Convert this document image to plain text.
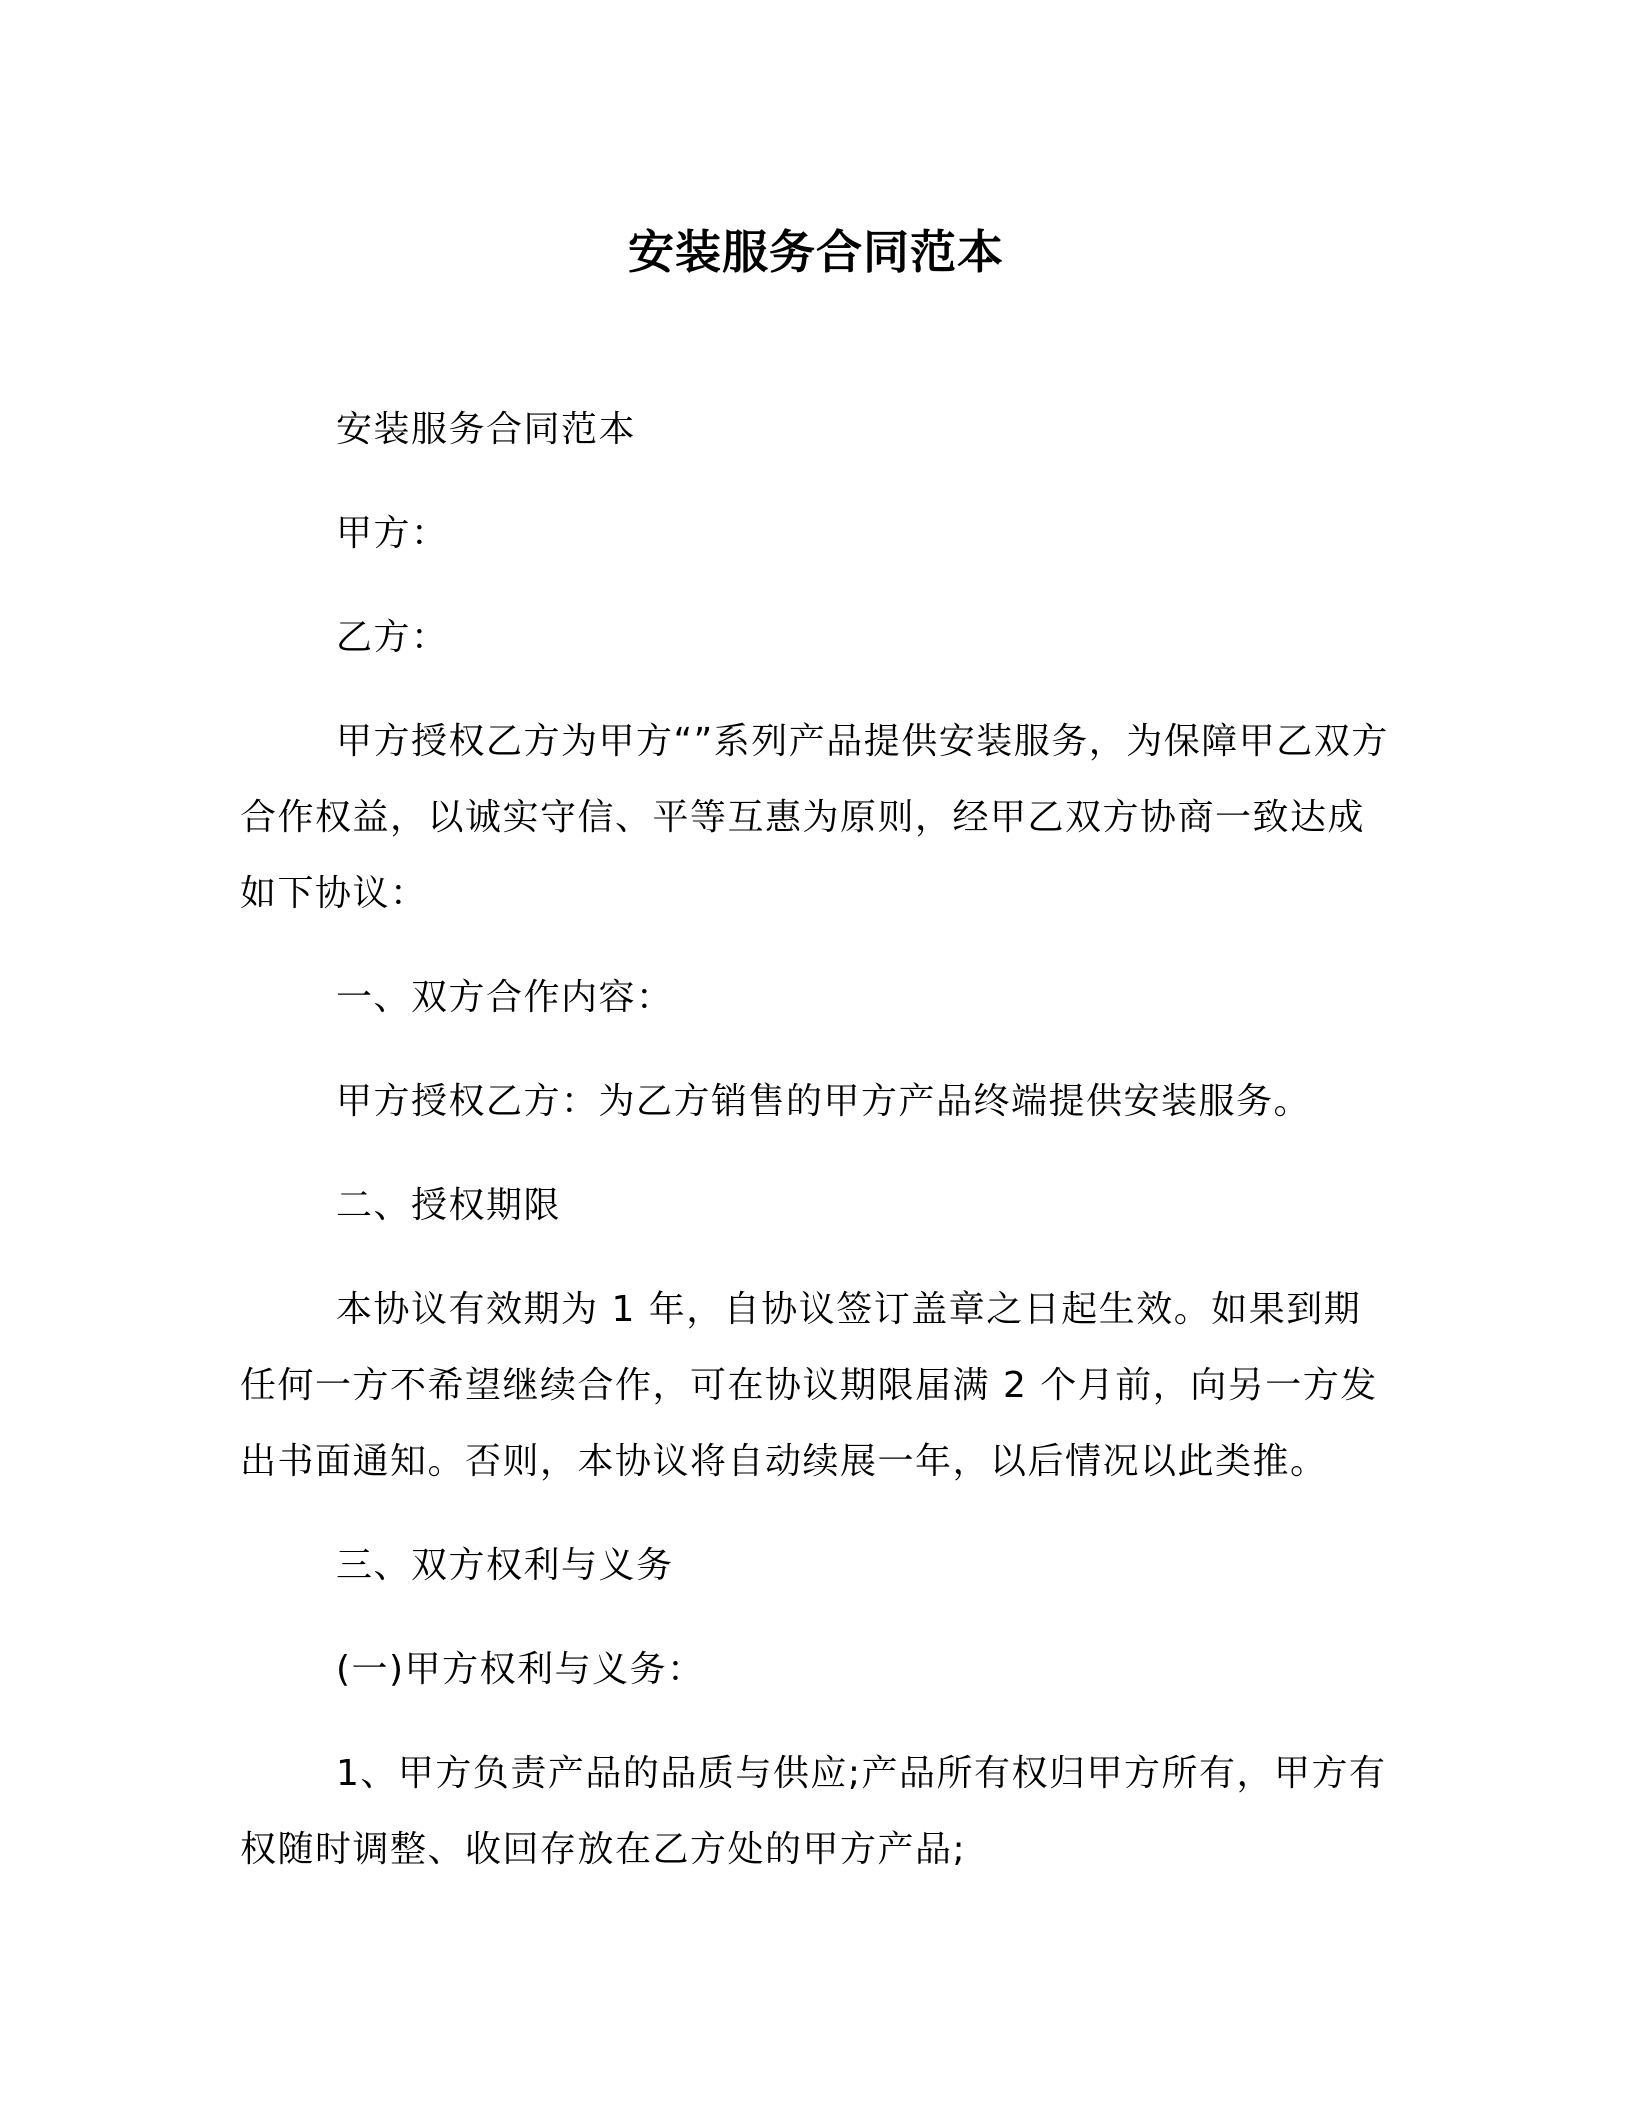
安装服务合同范本

安装服务合同范本

甲方：

乙方：

甲方授权乙方为甲方“”系列产品提供安装服务，为保障甲乙双方合作权益，以诚实守信、平等互惠为原则，经甲乙双方协商一致达成如下协议：

一、双方合作内容：

甲方授权乙方：为乙方销售的甲方产品终端提供安装服务。

二、授权期限

本协议有效期为 1 年，自协议签订盖章之日起生效。如果到期任何一方不希望继续合作，可在协议期限届满 2 个月前，向另一方发出书面通知。否则，本协议将自动续展一年，以后情况以此类推。

三、双方权利与义务

(一)甲方权利与义务：

1、甲方负责产品的品质与供应;产品所有权归甲方所有，甲方有权随时调整、收回存放在乙方处的甲方产品;
